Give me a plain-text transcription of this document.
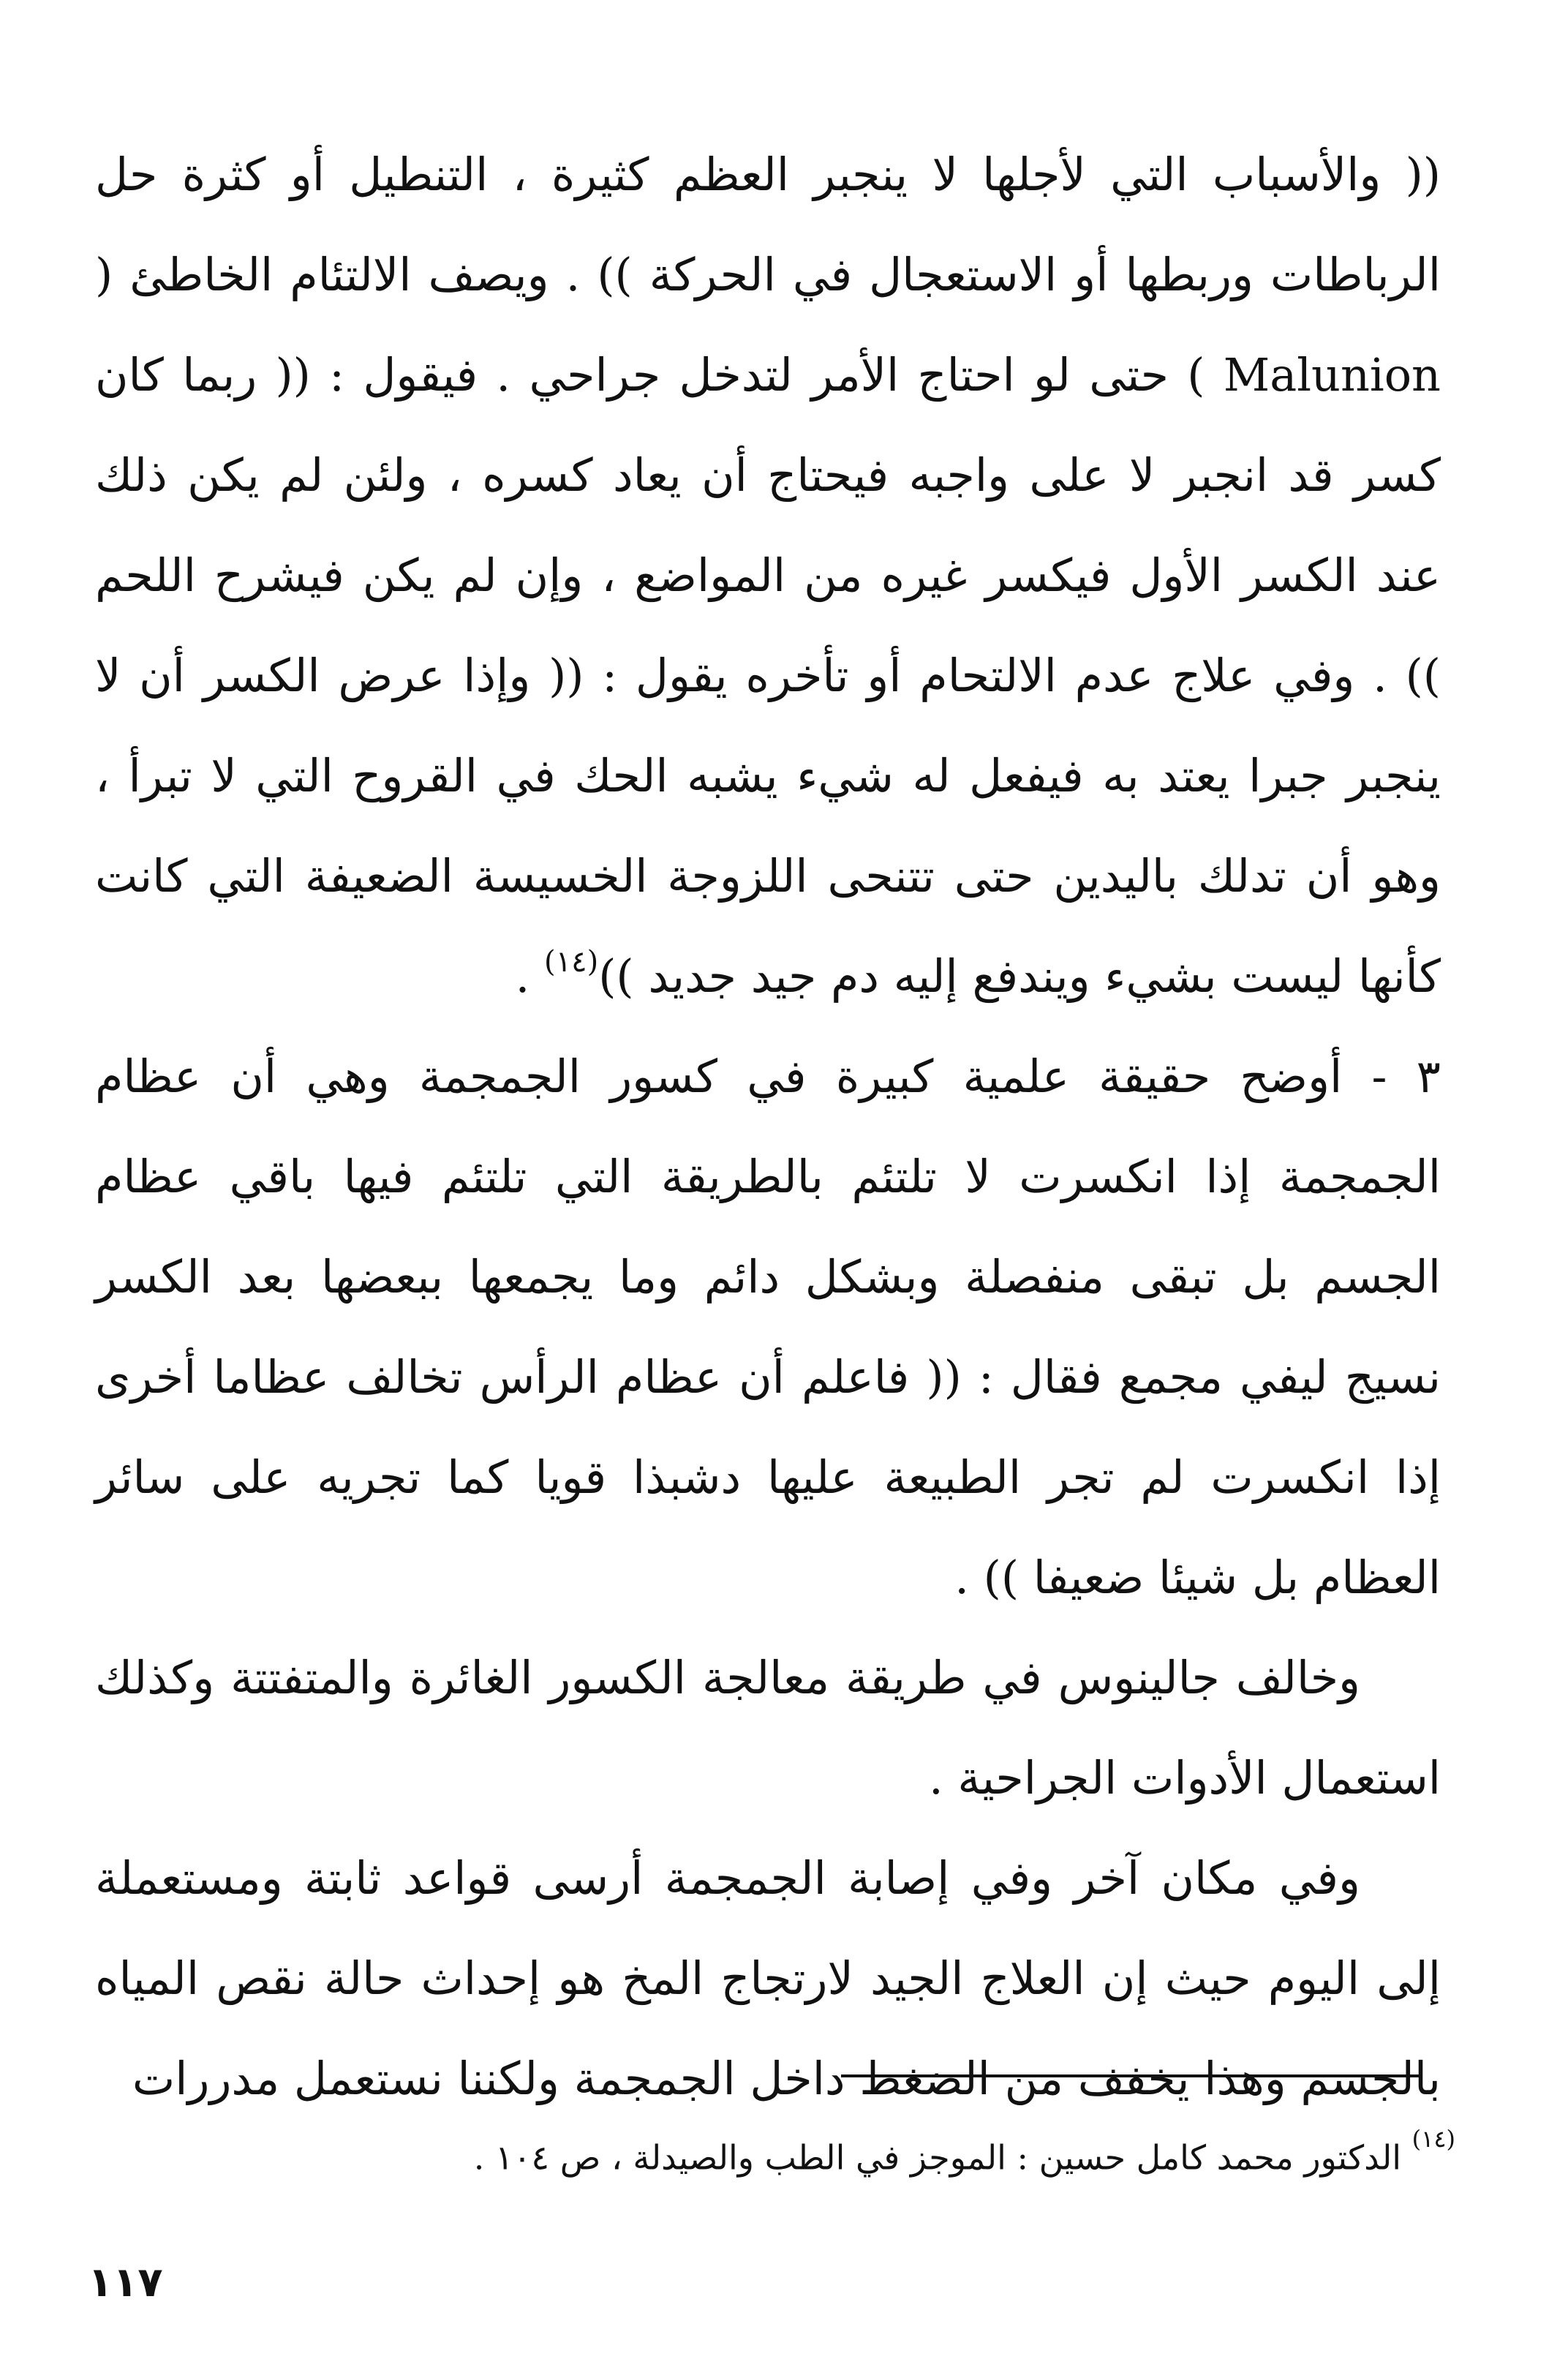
(( والأسباب التي لأجلها لا ينجبر العظم كثيرة ، التنطيل أو كثرة حل الرباطات وربطها أو الاستعجال في الحركة )) . ويصف الالتئام الخاطئ ( Malunion ) حتى لو احتاج الأمر لتدخل جراحي . فيقول : (( ربما كان كسر قد انجبر لا على واجبه فيحتاج أن يعاد كسره ، ولئن لم يكن ذلك عند الكسر الأول فيكسر غيره من المواضع ، وإن لم يكن فيشرح اللحم )) . وفي علاج عدم الالتحام أو تأخره يقول : (( وإذا عرض الكسر أن لا ينجبر جبرا يعتد به فيفعل له شيء يشبه الحك في القروح التي لا تبرأ ، وهو أن تدلك باليدين حتى تتنحى اللزوجة الخسيسة الضعيفة التي كانت كأنها ليست بشيء ويندفع إليه دم جيد جديد ))$^{(١٤)}$ .

٣ - أوضح حقيقة علمية كبيرة في كسور الجمجمة وهي أن عظام الجمجمة إذا انكسرت لا تلتئم بالطريقة التي تلتئم فيها باقي عظام الجسم بل تبقى منفصلة وبشكل دائم وما يجمعها ببعضها بعد الكسر نسيج ليفي مجمع فقال : (( فاعلم أن عظام الرأس تخالف عظاما أخرى إذا انكسرت لم تجر الطبيعة عليها دشبذا قويا كما تجريه على سائر العظام بل شيئا ضعيفا )) .

وخالف جالينوس في طريقة معالجة الكسور الغائرة والمتفتتة وكذلك استعمال الأدوات الجراحية .

وفي مكان آخر وفي إصابة الجمجمة أرسى قواعد ثابتة ومستعملة إلى اليوم حيث إن العلاج الجيد لارتجاج المخ هو إحداث حالة نقص المياه بالجسم وهذا يخفف من الضغط داخل الجمجمة ولكننا نستعمل مدررات

$^{(١٤)}$ الدكتور محمد كامل حسين : الموجز في الطب والصيدلة ، ص ١٠٤ .
١١٧
